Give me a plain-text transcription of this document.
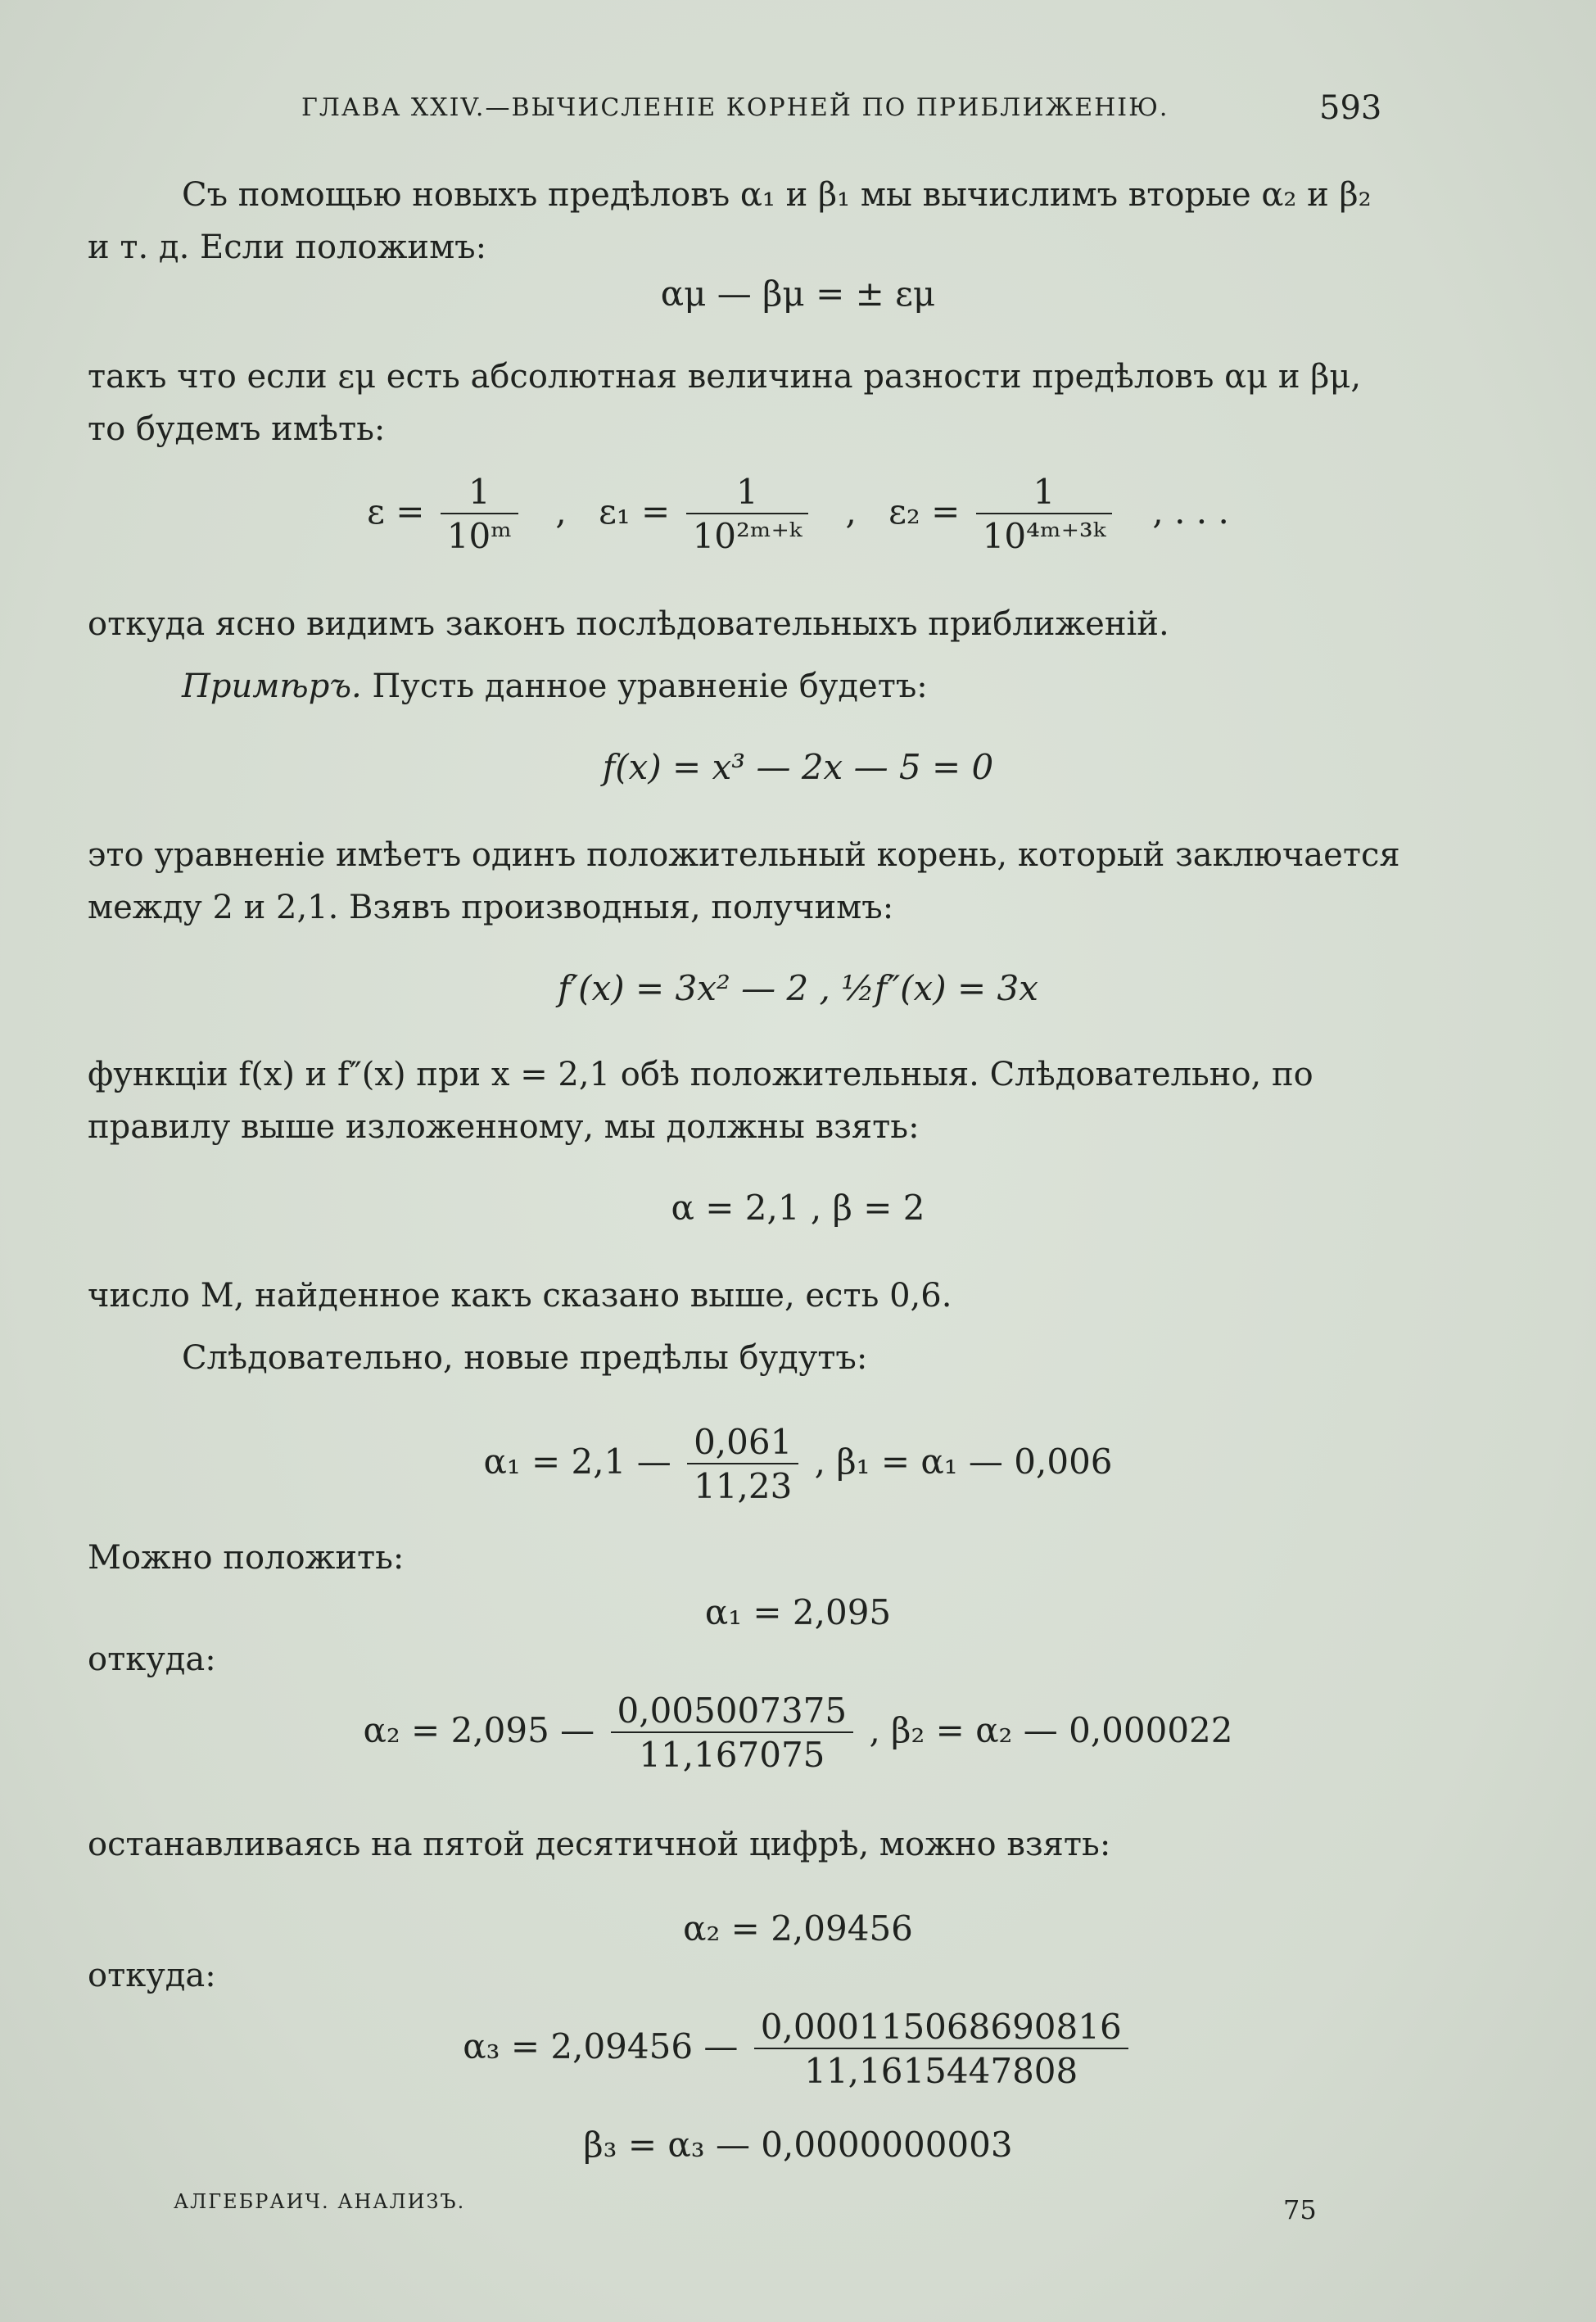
ГЛАВА XXIV.—ВЫЧИСЛЕНІЕ КОРНЕЙ ПО ПРИБЛИЖЕНІЮ.	593
Съ помощью новыхъ предѣловъ α₁ и β₁ мы вычислимъ вторые α₂ и β₂
и т. д. Если положимъ:
αμ — βμ = ± εμ
такъ что если εμ есть абсолютная величина разности предѣловъ αμ и βμ,
то будемъ имѣть:
$\varepsilon = \frac{1}{\text{10ᵐ}}$ , $\varepsilon_1 = \frac{1}{\text{10²ᵐ⁺ᵏ}}$ , $\varepsilon_2 = \frac{1}{\text{10⁴ᵐ⁺³ᵏ}}$ , . . .
откуда ясно видимъ законъ послѣдовательныхъ приближеній.
Примѣръ. Пусть данное уравненіе будетъ:
f(x) = x³ — 2x — 5 = 0
это уравненіе имѣетъ одинъ положительный корень, который заключается
между 2 и 2,1. Взявъ производныя, получимъ:
f′(x) = 3x² — 2 , ½f″(x) = 3x
функціи f(x) и f″(x) при x = 2,1 обѣ положительныя. Слѣдовательно, по
правилу выше изложенному, мы должны взять:
α = 2,1 , β = 2
число M, найденное какъ сказано выше, есть 0,6.
Слѣдовательно, новые предѣлы будутъ:
α₁ = 2,1 — $\frac{0,061}{11,23}$ , β₁ = α₁ — 0,006
Можно положить:
α₁ = 2,095
откуда:
α₂ = 2,095 — $\frac{0,005007375}{11,167075}$ , β₂ = α₂ — 0,000022
останавливаясь на пятой десятичной цифрѣ, можно взять:
α₂ = 2,09456
откуда:
α₃ = 2,09456 — $\frac{0,000115068690816}{11,1615447808}$
β₃ = α₃ — 0,0000000003
АЛГЕБРАИЧ. АНАЛИЗЪ.	75
